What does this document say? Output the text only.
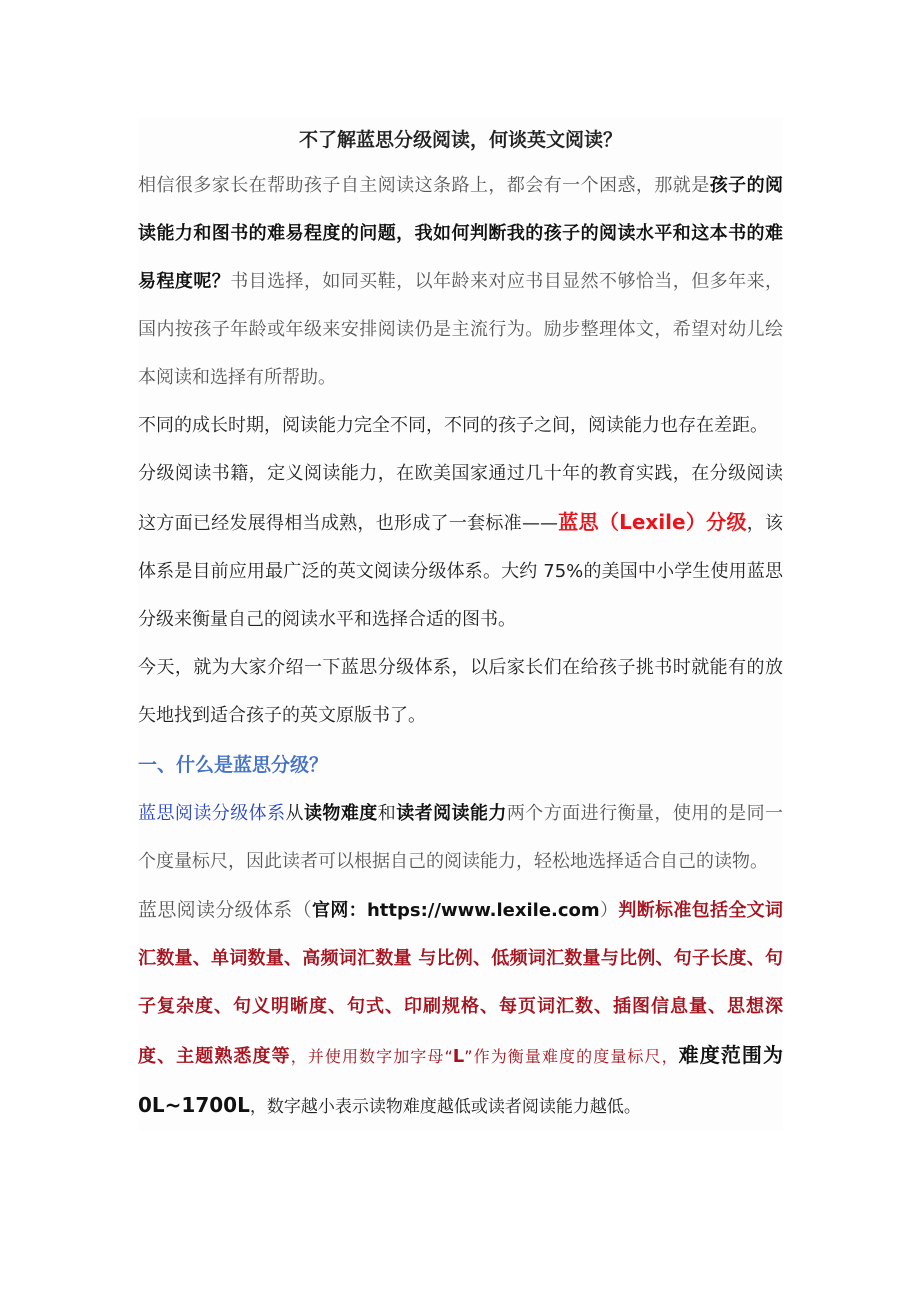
不了解蓝思分级阅读，何谈英文阅读？

相信很多家长在帮助孩子自主阅读这条路上，都会有一个困惑，那就是孩子的阅读能力和图书的难易程度的问题，我如何判断我的孩子的阅读水平和这本书的难易程度呢？书目选择，如同买鞋，以年龄来对应书目显然不够恰当，但多年来，国内按孩子年龄或年级来安排阅读仍是主流行为。励步整理体文，希望对幼儿绘本阅读和选择有所帮助。

不同的成长时期，阅读能力完全不同，不同的孩子之间，阅读能力也存在差距。

分级阅读书籍，定义阅读能力，在欧美国家通过几十年的教育实践，在分级阅读这方面已经发展得相当成熟，也形成了一套标准——蓝思（Lexile）分级，该体系是目前应用最广泛的英文阅读分级体系。大约 75%的美国中小学生使用蓝思分级来衡量自己的阅读水平和选择合适的图书。

今天，就为大家介绍一下蓝思分级体系，以后家长们在给孩子挑书时就能有的放矢地找到适合孩子的英文原版书了。

一、什么是蓝思分级？

蓝思阅读分级体系从读物难度和读者阅读能力两个方面进行衡量，使用的是同一个度量标尺，因此读者可以根据自己的阅读能力，轻松地选择适合自己的读物。

蓝思阅读分级体系（官网：https://www.lexile.com）判断标准包括全文词汇数量、单词数量、高频词汇数量 与比例、低频词汇数量与比例、句子长度、句子复杂度、句义明晰度、句式、印刷规格、每页词汇数、插图信息量、思想深度、主题熟悉度等，并使用数字加字母“L”作为衡量难度的度量标尺，难度范围为 0L~1700L，数字越小表示读物难度越低或读者阅读能力越低。
